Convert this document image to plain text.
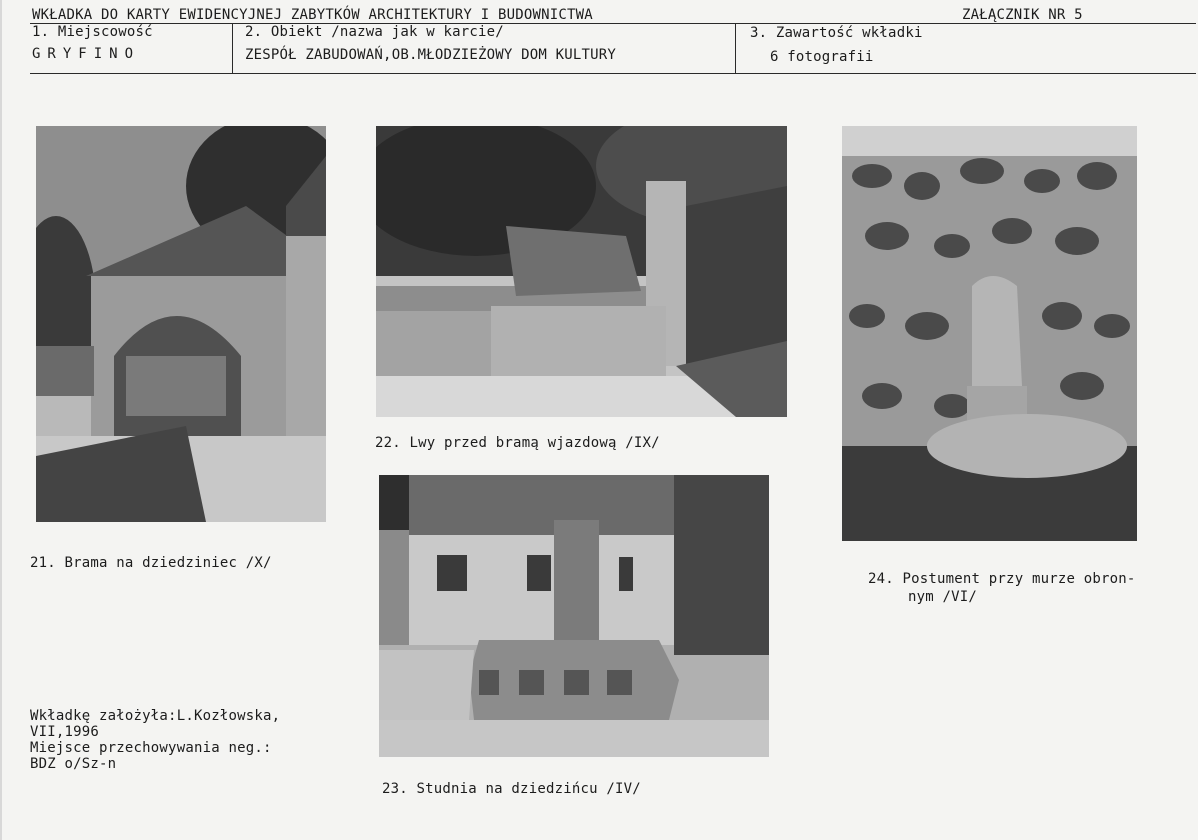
WKŁADKA DO KARTY EWIDENCYJNEJ ZABYTKÓW ARCHITEKTURY I BUDOWNICTWA	ZAŁĄCZNIK NR 5
1. Miejscowość
GRYFINO
2. Obiekt /nazwa jak w karcie/
ZESPÓŁ ZABUDOWAŃ,OB.MŁODZIEŻOWY DOM KULTURY
3. Zawartość wkładki
6 fotografii
21. Brama na dziedziniec /X/
22. Lwy przed bramą wjazdową /IX/
24. Postument przy murze obron-
nym /VI/
23. Studnia na dziedzińcu /IV/
Wkładkę założyła:L.Kozłowska,
VII,1996
Miejsce przechowywania neg.:
BDZ o/Sz-n
